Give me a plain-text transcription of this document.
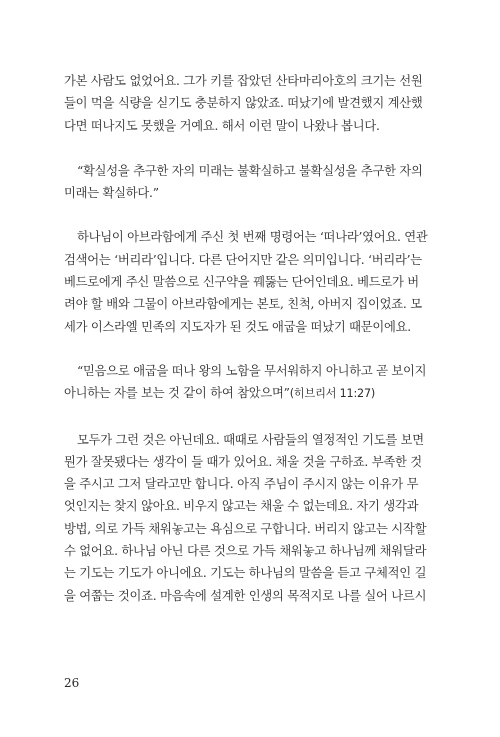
가본 사람도 없었어요. 그가 키를 잡았던 산타마리아호의 크기는 선원
들이 먹을 식량을 싣기도 충분하지 않았죠. 떠났기에 발견했지 계산했
다면 떠나지도 못했을 거예요. 해서 이런 말이 나왔나 봅니다.
“확실성을 추구한 자의 미래는 불확실하고 불확실성을 추구한 자의
미래는 확실하다.”
하나님이 아브라함에게 주신 첫 번째 명령어는 ‘떠나라’였어요. 연관
검색어는 ‘버리라’입니다. 다른 단어지만 같은 의미입니다. ‘버리라’는
베드로에게 주신 말씀으로 신구약을 꿰뚫는 단어인데요. 베드로가 버
려야 할 배와 그물이 아브라함에게는 본토, 친척, 아버지 집이었죠. 모
세가 이스라엘 민족의 지도자가 된 것도 애굽을 떠났기 때문이에요.
“믿음으로 애굽을 떠나 왕의 노함을 무서워하지 아니하고 곧 보이지
아니하는 자를 보는 것 같이 하여 참았으며”(히브리서 11:27)
모두가 그런 것은 아닌데요. 때때로 사람들의 열정적인 기도를 보면
뭔가 잘못됐다는 생각이 들 때가 있어요. 채울 것을 구하죠. 부족한 것
을 주시고 그저 달라고만 합니다. 아직 주님이 주시지 않는 이유가 무
엇인지는 찾지 않아요. 비우지 않고는 채울 수 없는데요. 자기 생각과
방법, 의로 가득 채워놓고는 욕심으로 구합니다. 버리지 않고는 시작할
수 없어요. 하나님 아닌 다른 것으로 가득 채워놓고 하나님께 채워달라
는 기도는 기도가 아니에요. 기도는 하나님의 말씀을 듣고 구체적인 길
을 여쭙는 것이죠. 마음속에 설계한 인생의 목적지로 나를 실어 나르시
26
